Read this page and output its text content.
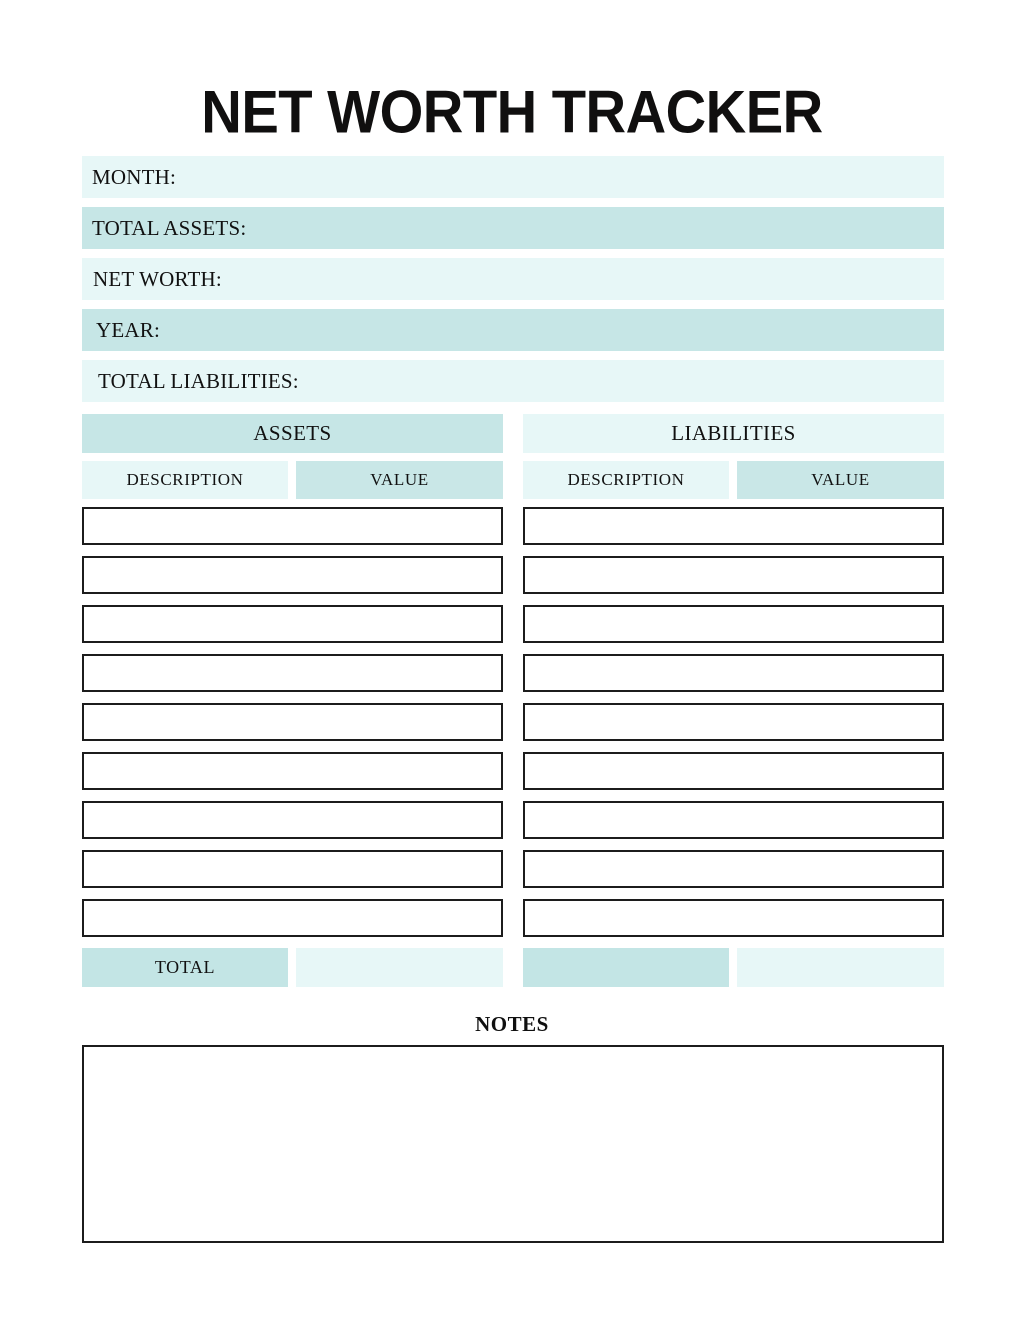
NET WORTH TRACKER
MONTH:
TOTAL ASSETS:
NET WORTH:
YEAR:
TOTAL LIABILITIES:
ASSETS
DESCRIPTION	VALUE
TOTAL
LIABILITIES
DESCRIPTION	VALUE
NOTES
